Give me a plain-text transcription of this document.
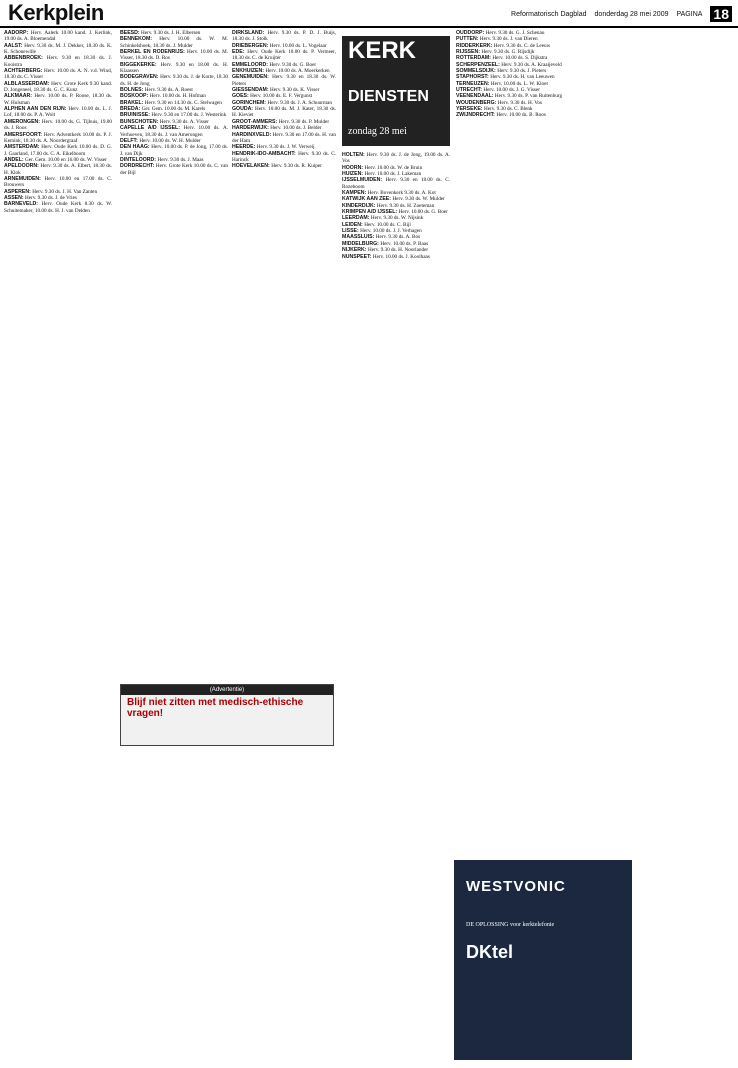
Kerkplein	Reformatorisch Dagblad donderdag 28 mei 2009 PAGINA 18

AADORP: Herv. Aalerk 10.00 kand. J. Kerlink, 19.00 ds. A. Bloemendal

AALST: Herv. 9.30 ds. M. J. Dekker, 18.30 ds. K. K. Schonewille

ABBENBROEK: Herv. 9.30 en 18.30 ds. J. Kooistra

ACHTERBERG: Herv. 10.00 ds. A. N. v.d. Wind, 18.30 ds. C. Visser

ALBLASSERDAM: Herv. Grote Kerk 9.30 kand. D. Jongeneel, 18.30 ds. G. C. Kunz

ALKMAAR: Herv. 10.00 ds. P. Roose, 18.30 ds. W. Hulsman

ALPHEN AAN DEN RIJN: Herv. 10.00 ds. L. J. Lof, 18.00 ds. P. A. Wolt

AMERONGEN: Herv. 10.00 ds. G. Tijhuis, 19.00 ds. J. Roos

AMERSFOORT: Herv. Adventkerk 10.00 ds. P. J. Kemink, 18.30 ds. A. Noordergraaf

AMSTERDAM: Herv. Oude Kerk 10.00 ds. D. G. J. Gaarland, 17.00 ds. C. A. Eikelboom

ANDEL: Ger. Gem. 10.00 en 16.00 ds. W. Visser

APELDOORN: Herv. 9.30 ds. A. Elbert, 18.30 ds. H. Klok

ARNEMUIDEN: Herv. 10.00 en 17.00 ds. C. Brouwers

ASPEREN: Herv. 9.30 ds. J. H. Van Zanten

ASSEN: Herv. 9.30 ds. J. de Vries

BARNEVELD: Herv. Oude Kerk 8.30 ds. W. Schuitemaker, 10.00 ds. H. J. van Delden

BEESD: Herv. 9.30 ds. J. H. Elbersen

BENNEKOM: Herv. 10.00 ds. W. M. Schinkelshoek, 18.30 ds. J. Mulder

BERKEL EN RODENRIJS: Herv. 10.00 ds. M. Visser, 18.30 ds. D. Ros

BIGGEKERKE: Herv. 9.30 en 18.00 ds. H. Klaassen

BODEGRAVEN: Herv. 9.30 ds. J. de Korte, 18.30 ds. H. de Jong

BOLNES: Herv. 9.30 ds. A. Roest

BOSKOOP: Herv. 10.00 ds. H. Hofman

BRAKEL: Herv. 9.30 en 14.30 ds. C. Stelwagen

BREDA: Ger. Gem. 10.00 ds. M. Karels

BRUINISSE: Herv. 9.30 en 17.00 ds. J. Westerink

BUNSCHOTEN: Herv. 9.30 ds. A. Visser

CAPELLE A/D IJSSEL: Herv. 10.00 ds. A. Verhoeven, 18.30 ds. J. van Amerongen

DELFT: Herv. 10.00 ds. W. H. Mulder

DEN HAAG: Herv. 10.00 ds. P. de Jong, 17.00 ds. J. van Dijk

DINTELOORD: Herv. 9.30 ds. J. Maas

DORDRECHT: Herv. Grote Kerk 10.00 ds. C. van der Bijl

DIRKSLAND: Herv. 9.30 ds. P. D. J. Buijs, 18.30 ds. J. Stolk

DRIEBERGEN: Herv. 10.00 ds. L. Vogelaar

EDE: Herv. Oude Kerk 10.00 ds. P. Vermeer, 18.30 ds. C. de Kruijter

EMMELOORD: Herv. 9.30 ds. G. Boer

ENKHUIZEN: Herv. 10.00 ds. A. Moerkerken

GENEMUIDEN: Herv. 9.30 en 18.30 ds. W. Pieters

GIESSENDAM: Herv. 9.30 ds. K. Visser

GOES: Herv. 10.00 ds. E. F. Vergunst

GORINCHEM: Herv. 9.30 ds. J. A. Schuurman

GOUDA: Herv. 10.00 ds. M. J. Kater, 18.30 ds. H. Kieviet

GROOT-AMMERS: Herv. 9.30 ds. P. Mulder

HARDERWIJK: Herv. 10.00 ds. J. Belder

HARDINXVELD: Herv. 9.30 en 17.00 ds. H. van der Ham

HEERDE: Herv. 9.30 ds. J. W. Verweij

HENDRIK-IDO-AMBACHT: Herv. 9.30 ds. C. Harinck

HOEVELAKEN: Herv. 9.30 ds. R. Kuiper

HOLTEN: Herv. 9.30 ds. J. de Jong, 19.00 ds. A. Vos

HOORN: Herv. 10.00 ds. W. de Bruin

HUIZEN: Herv. 10.00 ds. J. Lakeman

IJSSELMUIDEN: Herv. 9.30 en 18.00 ds. C. Rozeboom

KAMPEN: Herv. Bovenkerk 9.30 ds. A. Kot

KATWIJK AAN ZEE: Herv. 9.30 ds. W. Mulder

KINDERDIJK: Herv. 9.30 ds. H. Zoeteman

KRIMPEN A/D IJSSEL: Herv. 10.00 ds. G. Boer

LEERDAM: Herv. 9.30 ds. W. Nijsink

LEIDEN: Herv. 10.00 ds. C. Bijl

LISSE: Herv. 10.00 ds. J. J. Verhagen

MAASSLUIS: Herv. 9.30 ds. A. Bos

MIDDELBURG: Herv. 10.00 ds. P. Baas

NIJKERK: Herv. 9.30 ds. H. Noorlander

NUNSPEET: Herv. 10.00 ds. J. Koolhaas

OUDDORP: Herv. 9.30 ds. G. J. Schenau

PUTTEN: Herv. 9.30 ds. J. van Dieren

RIDDERKERK: Herv. 9.30 ds. C. de Leeuw

RIJSSEN: Herv. 9.30 ds. G. Rijsdijk

ROTTERDAM: Herv. 10.00 ds. S. Dijkstra

SCHERPENZEEL: Herv. 9.30 ds. A. Kraaijeveld

SOMMELSDIJK: Herv. 9.30 ds. J. Pieters

STAPHORST: Herv. 9.30 ds. H. van Leeuwen

TERNEUZEN: Herv. 10.00 ds. L. W. Kloet

UTRECHT: Herv. 10.00 ds. J. G. Visser

VEENENDAAL: Herv. 9.30 ds. P. van Ruitenburg

WOUDENBERG: Herv. 9.30 ds. H. Vos

YERSEKE: Herv. 9.30 ds. C. Blenk

ZWIJNDRECHT: Herv. 10.00 ds. B. Roos

KERK
DIENSTEN
zondag 28 mei
(Advertentie)
Blijf niet zitten met medisch-ethische vragen!
WESTVONIC
DE OPLOSSING voor kerktelefonie
DKtel
